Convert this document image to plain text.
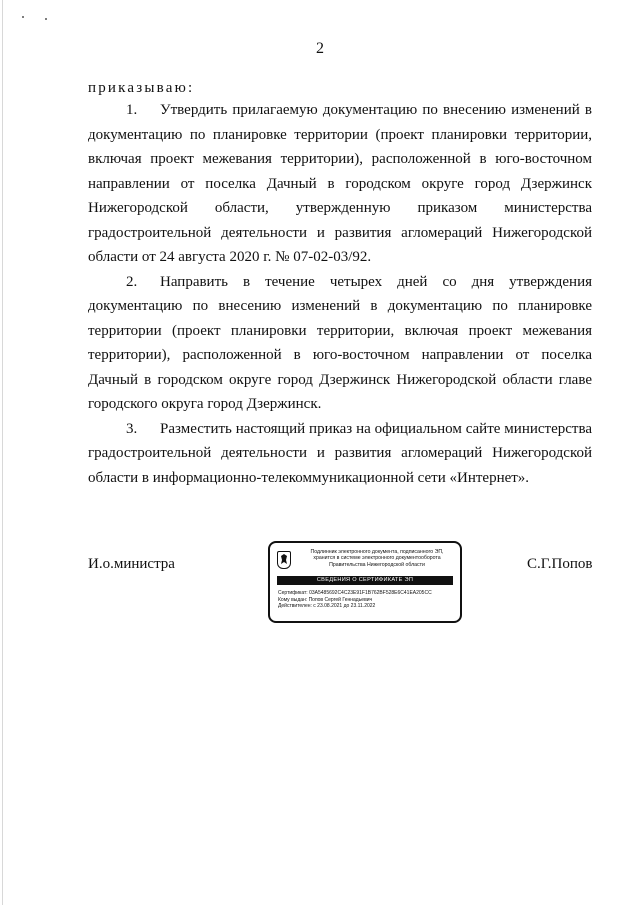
2
приказываю:

1. Утвердить прилагаемую документацию по внесению изменений в документацию по планировке территории (проект планировки территории, включая проект межевания территории), расположенной в юго-восточном направлении от поселка Дачный в городском округе город Дзержинск Нижегородской области, утвержденную приказом министерства градостроительной деятельности и развития агломераций Нижегородской области от 24 августа 2020 г. № 07-02-03/92.

2. Направить в течение четырех дней со дня утверждения документацию по внесению изменений в документацию по планировке территории (проект планировки территории, включая проект межевания территории), расположенной в юго-восточном направлении от поселка Дачный в городском округе город Дзержинск Нижегородской области главе городского округа город Дзержинск.

3. Разместить настоящий приказ на официальном сайте министерства градостроительной деятельности и развития агломераций Нижегородской области в информационно-телекоммуникационной сети «Интернет».

И.о.министра	С.Г.Попов
Подлинник электронного документа, подписанного ЭП,
хранится в системе электронного документооборота
Правительства Нижегородской области
СВЕДЕНИЯ О СЕРТИФИКАТЕ ЭП
Сертификат: 03A5485692C4C23E91F1B762BF528E6C41EA205CC
Кому выдан: Попов Сергей Геннадьевич
Действителен: с 23.08.2021 до 23.11.2022
